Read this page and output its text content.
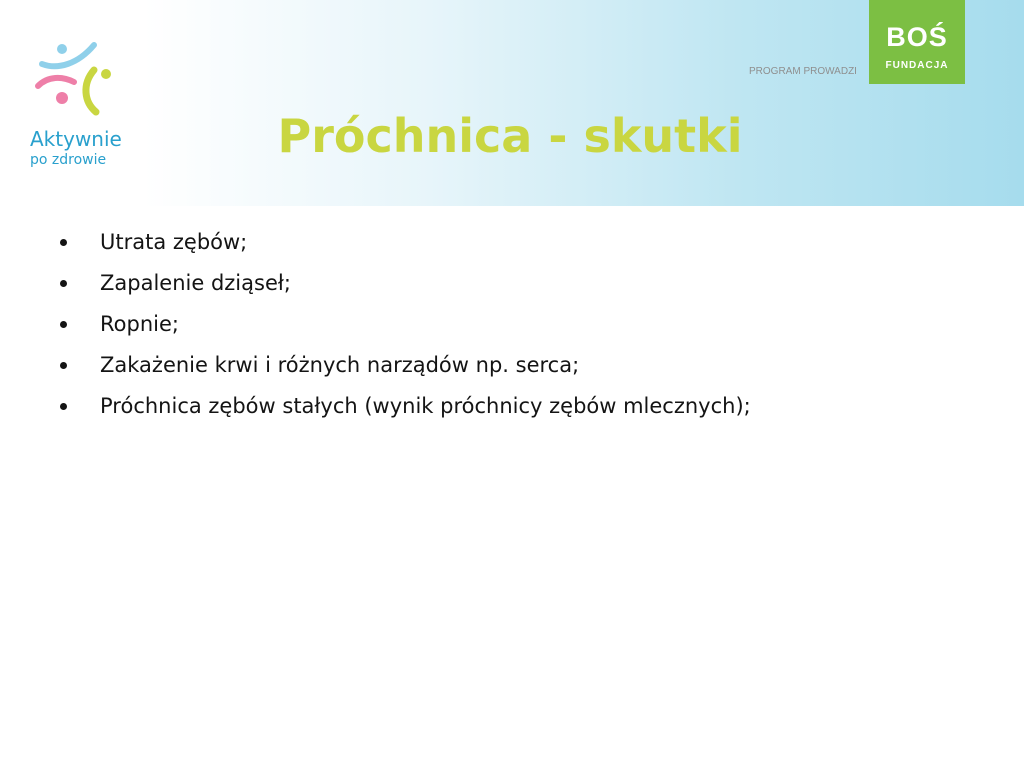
Aktywnie
po zdrowie
PROGRAM PROWADZI
BOŚ
FUNDACJA
Próchnica - skutki
Utrata zębów;
Zapalenie dziąseł;
Ropnie;
Zakażenie krwi i różnych narządów np. serca;
Próchnica zębów stałych (wynik próchnicy zębów mlecznych);
